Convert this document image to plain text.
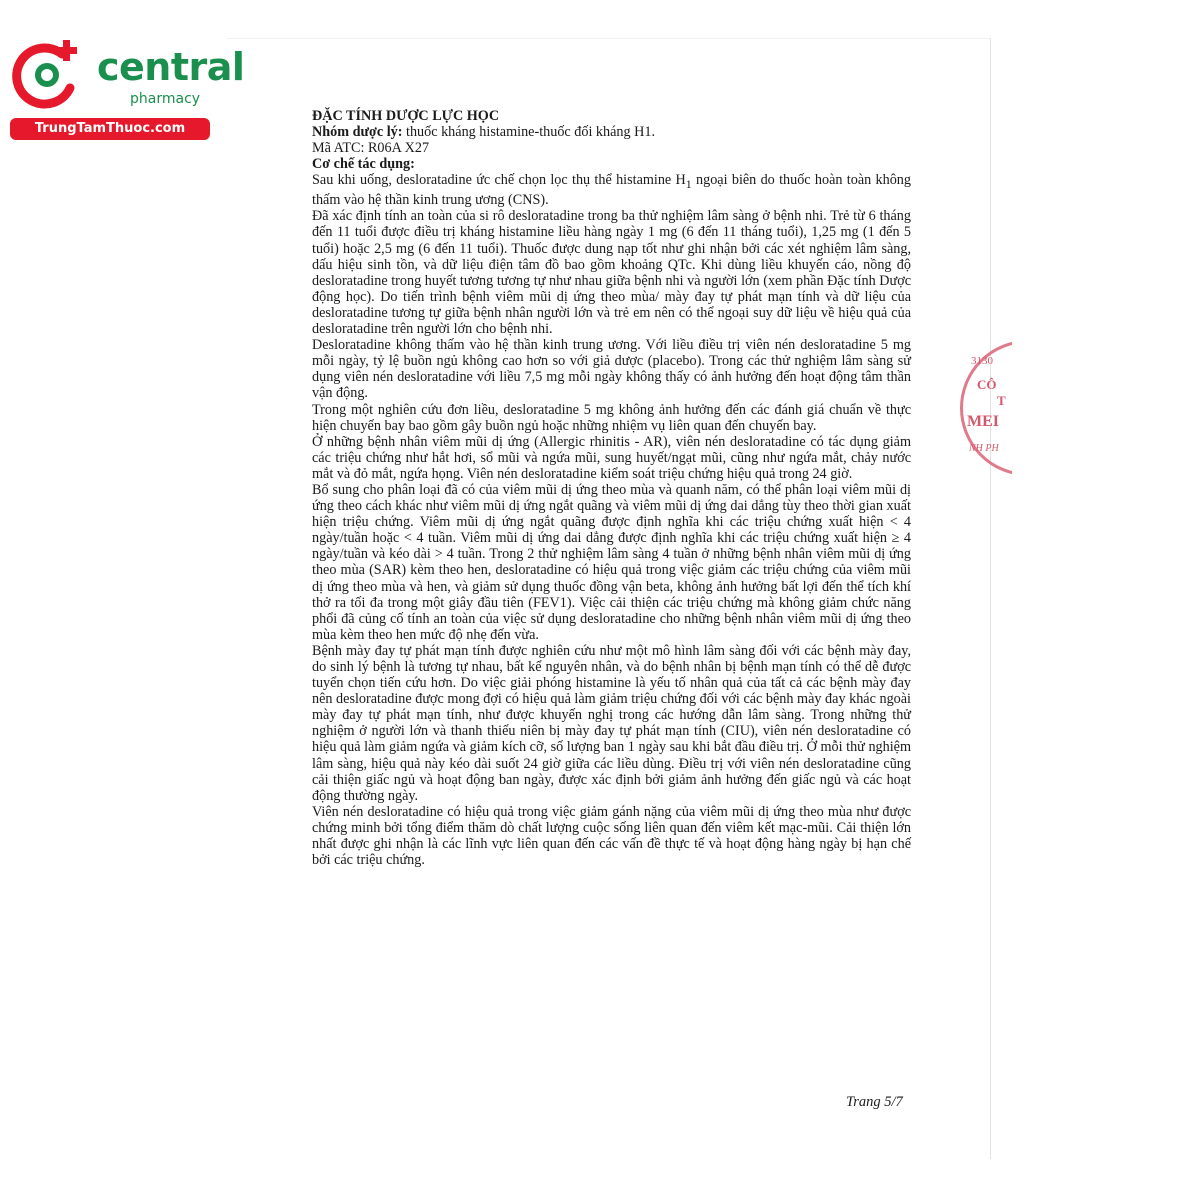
central
pharmacy
TrungTamThuoc.com
3130
CÔ
T
MEI
NH PH

ĐẶC TÍNH DƯỢC LỰC HỌC

Nhóm dược lý: thuốc kháng histamine-thuốc đối kháng H1.

Mã ATC: R06A X27

Cơ chế tác dụng:

Sau khi uống, desloratadine ức chế chọn lọc thụ thể histamine $H_1$ ngoại biên do thuốc hoàn toàn không thấm vào hệ thần kinh trung ương (CNS).

Đã xác định tính an toàn của si rô desloratadine trong ba thử nghiệm lâm sàng ở bệnh nhi. Trẻ từ 6 tháng đến 11 tuổi được điều trị kháng histamine liều hàng ngày 1 mg (6 đến 11 tháng tuổi), 1,25 mg (1 đến 5 tuổi) hoặc 2,5 mg (6 đến 11 tuổi). Thuốc được dung nạp tốt như ghi nhận bởi các xét nghiệm lâm sàng, dấu hiệu sinh tồn, và dữ liệu điện tâm đồ bao gồm khoảng QTc. Khi dùng liều khuyến cáo, nồng độ desloratadine trong huyết tương tương tự như nhau giữa bệnh nhi và người lớn (xem phần Đặc tính Dược động học). Do tiến trình bệnh viêm mũi dị ứng theo mùa/ mày đay tự phát mạn tính và dữ liệu của desloratadine tương tự giữa bệnh nhân người lớn và trẻ em nên có thể ngoại suy dữ liệu về hiệu quả của desloratadine trên người lớn cho bệnh nhi.

Desloratadine không thấm vào hệ thần kinh trung ương. Với liều điều trị viên nén desloratadine 5 mg mỗi ngày, tỷ lệ buồn ngủ không cao hơn so với giả dược (placebo). Trong các thử nghiệm lâm sàng sử dụng viên nén desloratadine với liều 7,5 mg mỗi ngày không thấy có ảnh hưởng đến hoạt động tâm thần vận động.

Trong một nghiên cứu đơn liều, desloratadine 5 mg không ảnh hưởng đến các đánh giá chuẩn về thực hiện chuyến bay bao gồm gây buồn ngủ hoặc những nhiệm vụ liên quan đến chuyến bay.

Ở những bệnh nhân viêm mũi dị ứng (Allergic rhinitis - AR), viên nén desloratadine có tác dụng giảm các triệu chứng như hắt hơi, sổ mũi và ngứa mũi, sung huyết/ngạt mũi, cũng như ngứa mắt, chảy nước mắt và đỏ mắt, ngứa họng. Viên nén desloratadine kiểm soát triệu chứng hiệu quả trong 24 giờ.

Bổ sung cho phân loại đã có của viêm mũi dị ứng theo mùa và quanh năm, có thể phân loại viêm mũi dị ứng theo cách khác như viêm mũi dị ứng ngắt quãng và viêm mũi dị ứng dai dẳng tùy theo thời gian xuất hiện triệu chứng. Viêm mũi dị ứng ngắt quãng được định nghĩa khi các triệu chứng xuất hiện < 4 ngày/tuần hoặc < 4 tuần. Viêm mũi dị ứng dai dẳng được định nghĩa khi các triệu chứng xuất hiện ≥ 4 ngày/tuần và kéo dài > 4 tuần. Trong 2 thử nghiệm lâm sàng 4 tuần ở những bệnh nhân viêm mũi dị ứng theo mùa (SAR) kèm theo hen, desloratadine có hiệu quả trong việc giảm các triệu chứng của viêm mũi dị ứng theo mùa và hen, và giảm sử dụng thuốc đồng vận beta, không ảnh hưởng bất lợi đến thể tích khí thở ra tối đa trong một giây đầu tiên (FEV1). Việc cải thiện các triệu chứng mà không giảm chức năng phổi đã củng cố tính an toàn của việc sử dụng desloratadine cho những bệnh nhân viêm mũi dị ứng theo mùa kèm theo hen mức độ nhẹ đến vừa.

Bệnh mày đay tự phát mạn tính được nghiên cứu như một mô hình lâm sàng đối với các bệnh mày đay, do sinh lý bệnh là tương tự nhau, bất kể nguyên nhân, và do bệnh nhân bị bệnh mạn tính có thể dễ được tuyển chọn tiến cứu hơn. Do việc giải phóng histamine là yếu tố nhân quả của tất cả các bệnh mày đay nên desloratadine được mong đợi có hiệu quả làm giảm triệu chứng đối với các bệnh mày đay khác ngoài mày đay tự phát mạn tính, như được khuyến nghị trong các hướng dẫn lâm sàng. Trong những thử nghiệm ở người lớn và thanh thiếu niên bị mày đay tự phát mạn tính (CIU), viên nén desloratadine có hiệu quả làm giảm ngứa và giảm kích cỡ, số lượng ban 1 ngày sau khi bắt đầu điều trị. Ở mỗi thử nghiệm lâm sàng, hiệu quả này kéo dài suốt 24 giờ giữa các liều dùng. Điều trị với viên nén desloratadine cũng cải thiện giấc ngủ và hoạt động ban ngày, được xác định bởi giảm ảnh hưởng đến giấc ngủ và các hoạt động thường ngày.

Viên nén desloratadine có hiệu quả trong việc giảm gánh nặng của viêm mũi dị ứng theo mùa như được chứng minh bởi tổng điểm thăm dò chất lượng cuộc sống liên quan đến viêm kết mạc-mũi. Cải thiện lớn nhất được ghi nhận là các lĩnh vực liên quan đến các vấn đề thực tế và hoạt động hàng ngày bị hạn chế bởi các triệu chứng.

Trang 5/7
